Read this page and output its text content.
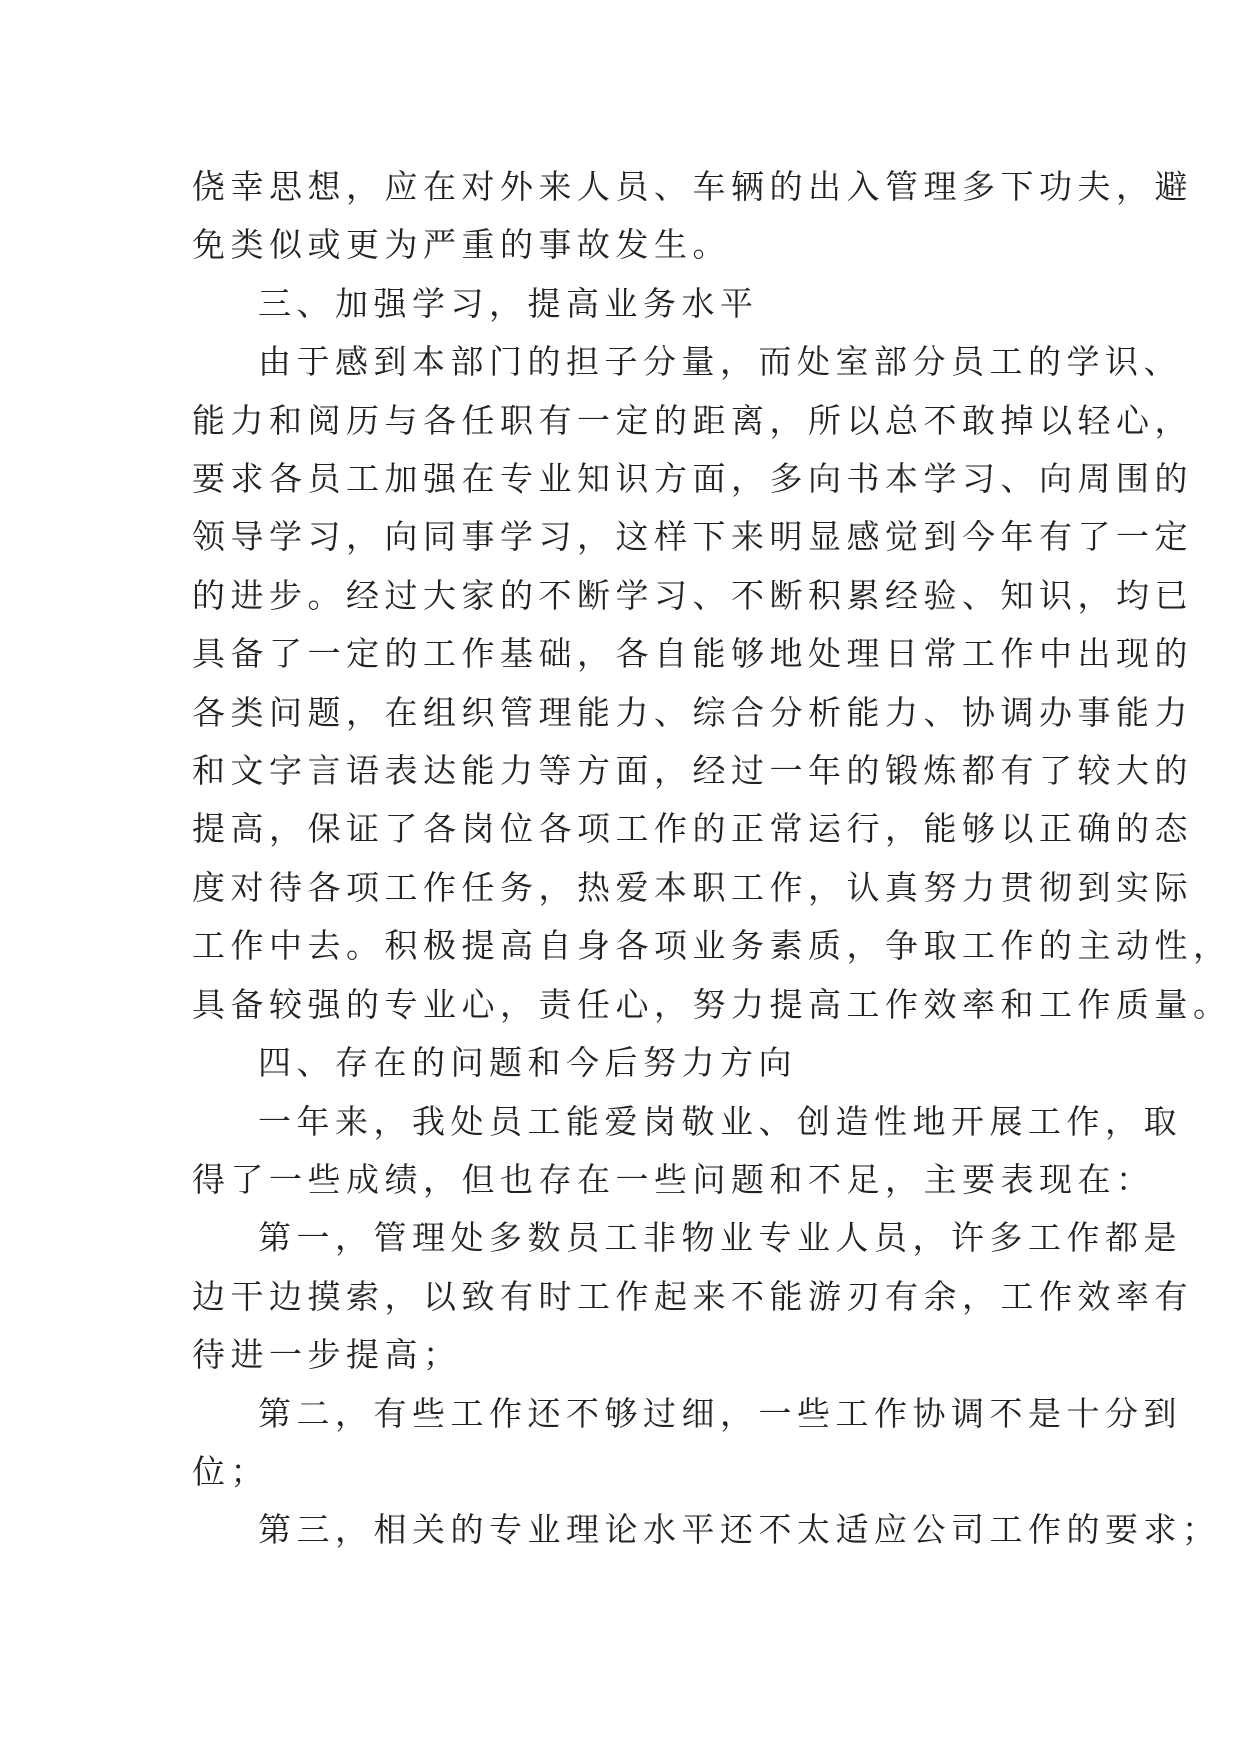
侥幸思想，应在对外来人员、车辆的出入管理多下功夫，避

免类似或更为严重的事故发生。

三、加强学习，提高业务水平

由于感到本部门的担子分量，而处室部分员工的学识、

能力和阅历与各任职有一定的距离，所以总不敢掉以轻心，

要求各员工加强在专业知识方面，多向书本学习、向周围的

领导学习，向同事学习，这样下来明显感觉到今年有了一定

的进步。经过大家的不断学习、不断积累经验、知识，均已

具备了一定的工作基础，各自能够地处理日常工作中出现的

各类问题，在组织管理能力、综合分析能力、协调办事能力

和文字言语表达能力等方面，经过一年的锻炼都有了较大的

提高，保证了各岗位各项工作的正常运行，能够以正确的态

度对待各项工作任务，热爱本职工作，认真努力贯彻到实际

工作中去。积极提高自身各项业务素质，争取工作的主动性，

具备较强的专业心，责任心，努力提高工作效率和工作质量。

四、存在的问题和今后努力方向

一年来，我处员工能爱岗敬业、创造性地开展工作，取

得了一些成绩，但也存在一些问题和不足，主要表现在：

第一，管理处多数员工非物业专业人员，许多工作都是

边干边摸索，以致有时工作起来不能游刃有余，工作效率有

待进一步提高；

第二，有些工作还不够过细，一些工作协调不是十分到

位；

第三，相关的专业理论水平还不太适应公司工作的要求；
